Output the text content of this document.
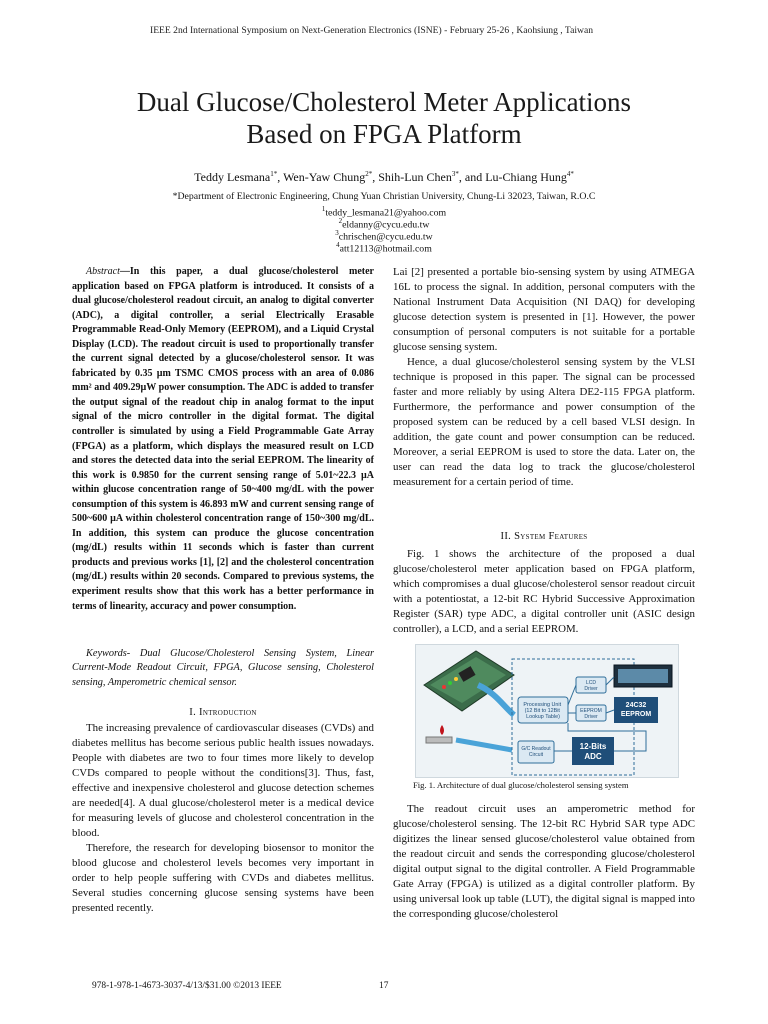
IEEE 2nd International Symposium on Next-Generation Electronics (ISNE) - February 25-26 , Kaohsiung , Taiwan
Dual Glucose/Cholesterol Meter Applications
Based on FPGA Platform
Teddy Lesmana$^{1*}$, Wen-Yaw Chung$^{2*}$, Shih-Lun Chen$^{3*}$, and Lu-Chiang Hung$^{4*}$
*Department of Electronic Engineering, Chung Yuan Christian University, Chung-Li 32023, Taiwan, R.O.C
$^1$teddy_lesmana21@yahoo.com
$^2$eldanny@cycu.edu.tw
$^3$chrischen@cycu.edu.tw
$^4$att12113@hotmail.com

Abstract—In this paper, a dual glucose/cholesterol meter application based on FPGA platform is introduced. It consists of a dual glucose/cholesterol readout circuit, an analog to digital converter (ADC), a digital controller, a serial Electrically Erasable Programmable Read-Only Memory (EEPROM), and a Liquid Crystal Display (LCD). The readout circuit is used to proportionally transfer the current signal detected by a glucose/cholesterol sensor. It was fabricated by 0.35 µm TSMC CMOS process with an area of 0.086 mm² and 409.29µW power consumption. The ADC is added to transfer the output signal of the readout chip in analog format to the input signal of the micro controller in the digital format. The digital controller is simulated by using a Field Programmable Gate Array (FPGA) as a platform, which displays the measured result on LCD and stores the detected data into the serial EEPROM. The linearity of this work is 0.9850 for the current sensing range of 5.01~22.3 µA within glucose concentration range of 50~400 mg/dL with the power consumption of this system is 46.893 mW and current sensing range of 500~600 µA within cholesterol concentration range of 150~300 mg/dL. In addition, this system can produce the glucose concentration (mg/dL) results within 11 seconds which is faster than current products and previous works [1], [2] and the cholesterol concentration (mg/dL) results within 20 seconds. Compared to previous systems, the experiment results show that this work has a better performance in terms of linearity, accuracy and power consumption.

Keywords- Dual Glucose/Cholesterol Sensing System, Linear Current-Mode Readout Circuit, FPGA, Glucose sensing, Cholesterol sensing, Amperometric chemical sensor.

I. Introduction

The increasing prevalence of cardiovascular diseases (CVDs) and diabetes mellitus has become serious public health issues nowadays. People with diabetes are two to four times more likely to develop CVDs compared to people without the conditions[3]. Thus, fast, effective and inexpensive cholesterol and glucose detection schemes are needed[4]. A dual glucose/cholesterol meter is a medical device for measuring levels of glucose and cholesterol concentration in the blood.

Therefore, the research for developing biosensor to monitor the blood glucose and cholesterol levels becomes very important in order to help people suffering with CVDs and diabetes mellitus. Several studies concerning glucose sensing systems have been presented recently.

Lai [2] presented a portable bio-sensing system by using ATMEGA 16L to process the signal. In addition, personal computers with the National Instrument Data Acquisition (NI DAQ) for developing glucose detection system is presented in [1]. However, the power consumption of personal computers is not suitable for a portable glucose sensing system.

Hence, a dual glucose/cholesterol sensing system by the VLSI technique is proposed in this paper. The signal can be processed faster and more reliably by using Altera DE2-115 FPGA platform. Furthermore, the performance and power consumption of the proposed system can be reduced by a cell based VLSI design. In addition, the gate count and power consumption can be reduced. Moreover, a serial EEPROM is used to store the data. Later on, the user can read the data log to track the glucose/cholesterol measurement for a certain period of time.

II. System Features

Fig. 1 shows the architecture of the proposed a dual glucose/cholesterol meter application based on FPGA platform, which compromises a dual glucose/cholesterol sensor readout circuit with a potentiostat, a 12-bit RC Hybrid Successive Approximation Register (SAR) type ADC, a digital controller unit (ASIC design controller), a LCD, and a serial EEPROM.

Processing Unit (12 Bit to 12Bit Lookup Table)
LCD Driver
EEPROM Driver
24C32 EEPROM
G/C Readout Circuit
12-Bits ADC
Fig. 1. Architecture of dual glucose/cholesterol sensing system

The readout circuit uses an amperometric method for glucose/cholesterol sensing. The 12-bit RC Hybrid SAR type ADC digitizes the linear sensed glucose/cholesterol value obtained from the readout circuit and sends the corresponding glucose/cholesterol digital output signal to the digital controller. A Field Programmable Gate Array (FPGA) is utilized as a digital controller platform. By using universal look up table (LUT), the digital signal is mapped into the corresponding glucose/cholesterol

978-1-978-1-4673-3037-4/13/$31.00 ©2013 IEEE	17
